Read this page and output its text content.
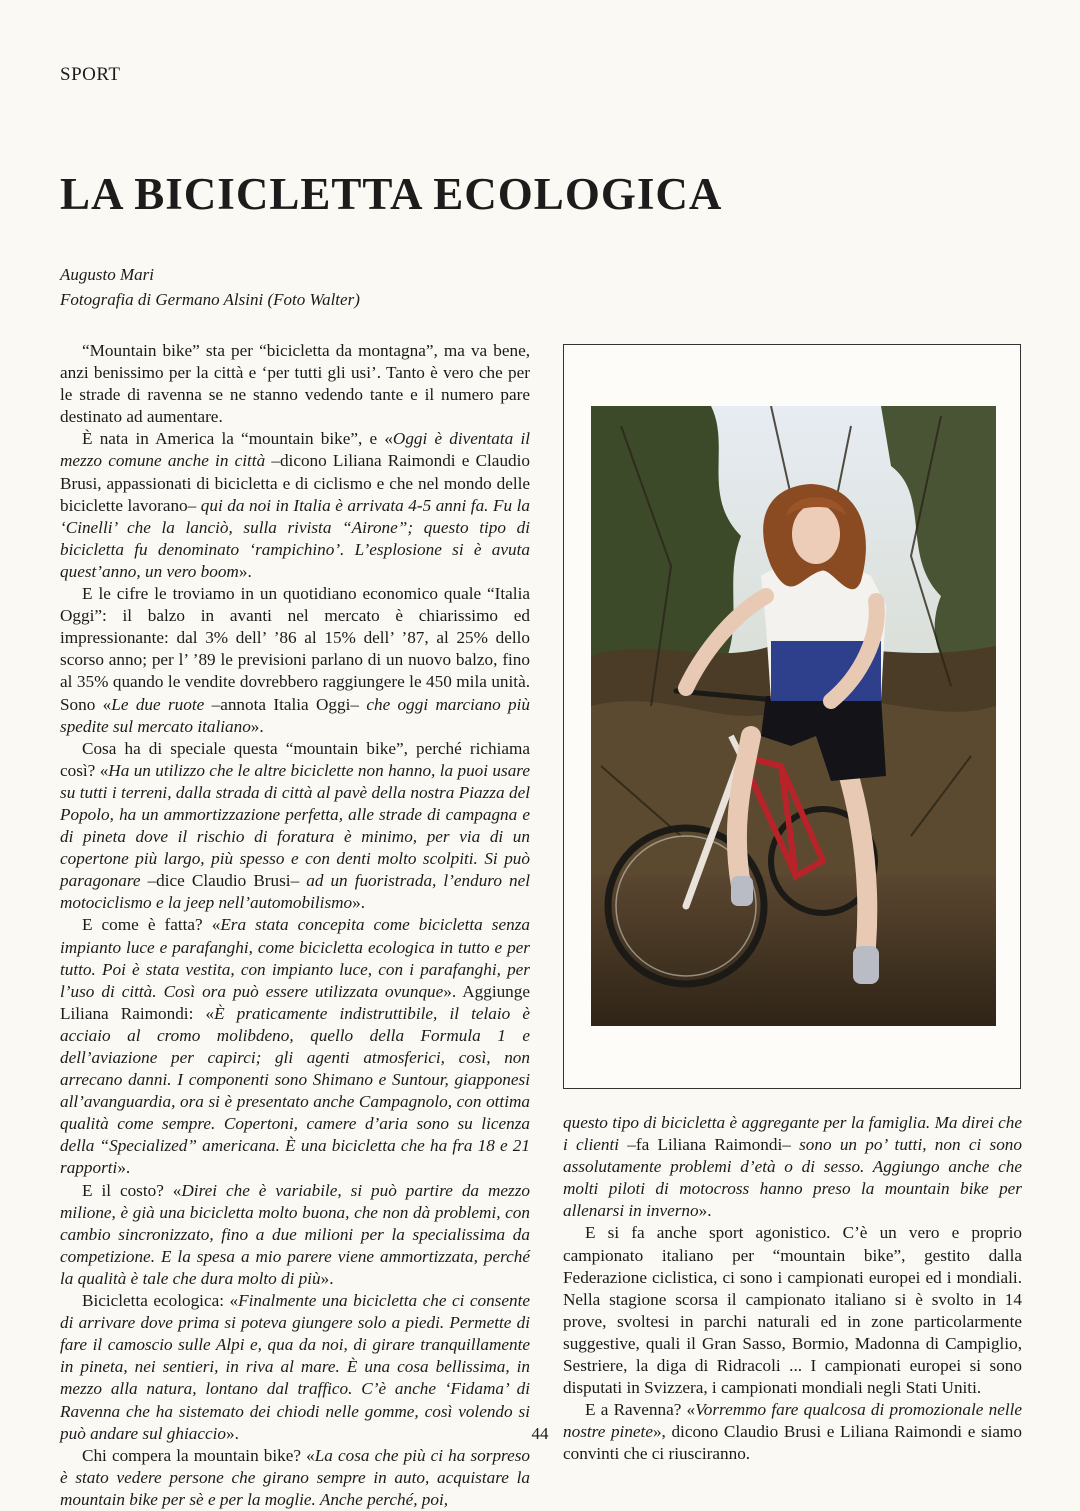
SPORT
LA BICICLETTA ECOLOGICA
Augusto Mari
Fotografia di Germano Alsini (Foto Walter)

“Mountain bike” sta per “bicicletta da montagna”, ma va bene, anzi benissimo per la città e ‘per tutti gli usi’. Tanto è vero che per le strade di ravenna se ne stanno vedendo tante e il numero pare destinato ad aumentare.

È nata in America la “mountain bike”, e «Oggi è diventata il mezzo comune anche in città –dicono Liliana Raimondi e Claudio Brusi, appassionati di bicicletta e di ciclismo e che nel mondo delle biciclette lavorano– qui da noi in Italia è arrivata 4-5 anni fa. Fu la ‘Cinelli’ che la lanciò, sulla rivista “Airone”; questo tipo di bicicletta fu denominato ‘rampichino’. L’esplosione si è avuta quest’anno, un vero boom».

E le cifre le troviamo in un quotidiano economico quale “Italia Oggi”: il balzo in avanti nel mercato è chiarissimo ed impressionante: dal 3% dell’ ’86 al 15% dell’ ’87, al 25% dello scorso anno; per l’ ’89 le previsioni parlano di un nuovo balzo, fino al 35% quando le vendite dovrebbero raggiungere le 450 mila unità. Sono «Le due ruote –annota Italia Oggi– che oggi marciano più spedite sul mercato italiano».

Cosa ha di speciale questa “mountain bike”, perché richiama così? «Ha un utilizzo che le altre biciclette non hanno, la puoi usare su tutti i terreni, dalla strada di città al pavè della nostra Piazza del Popolo, ha un ammortizzazione perfetta, alle strade di campagna e di pineta dove il rischio di foratura è minimo, per via di un copertone più largo, più spesso e con denti molto scolpiti. Si può paragonare –dice Claudio Brusi– ad un fuoristrada, l’enduro nel motociclismo e la jeep nell’automobilismo».

E come è fatta? «Era stata concepita come bicicletta senza impianto luce e parafanghi, come bicicletta ecologica in tutto e per tutto. Poi è stata vestita, con impianto luce, con i parafanghi, per l’uso di città. Così ora può essere utilizzata ovunque». Aggiunge Liliana Raimondi: «È praticamente indistruttibile, il telaio è acciaio al cromo molibdeno, quello della Formula 1 e dell’aviazione per capirci; gli agenti atmosferici, così, non arrecano danni. I componenti sono Shimano e Suntour, giapponesi all’avanguardia, ora si è presentato anche Campagnolo, con ottima qualità come sempre. Copertoni, camere d’aria sono su licenza della “Specialized” americana. È una bicicletta che ha fra 18 e 21 rapporti».

E il costo? «Direi che è variabile, si può partire da mezzo milione, è già una bicicletta molto buona, che non dà problemi, con cambio sincronizzato, fino a due milioni per la specialissima da competizione. E la spesa a mio parere viene ammortizzata, perché la qualità è tale che dura molto di più».

Bicicletta ecologica: «Finalmente una bicicletta che ci consente di arrivare dove prima si poteva giungere solo a piedi. Permette di fare il camoscio sulle Alpi e, qua da noi, di girare tranquillamente in pineta, nei sentieri, in riva al mare. È una cosa bellissima, in mezzo alla natura, lontano dal traffico. C’è anche ‘Fidama’ di Ravenna che ha sistemato dei chiodi nelle gomme, così volendo si può andare sul ghiaccio».

Chi compera la mountain bike? «La cosa che più ci ha sorpreso è stato vedere persone che girano sempre in auto, acquistare la mountain bike per sè e per la moglie. Anche perché, poi,

questo tipo di bicicletta è aggregante per la famiglia. Ma direi che i clienti –fa Liliana Raimondi– sono un po’ tutti, non ci sono assolutamente problemi d’età o di sesso. Aggiungo anche che molti piloti di motocross hanno preso la mountain bike per allenarsi in inverno».

E si fa anche sport agonistico. C’è un vero e proprio campionato italiano per “mountain bike”, gestito dalla Federazione ciclistica, ci sono i campionati europei ed i mondiali. Nella stagione scorsa il campionato italiano si è svolto in 14 prove, svoltesi in parchi naturali ed in zone particolarmente suggestive, quali il Gran Sasso, Bormio, Madonna di Campiglio, Sestriere, la diga di Ridracoli ... I campionati europei si sono disputati in Svizzera, i campionati mondiali negli Stati Uniti.

E a Ravenna? «Vorremmo fare qualcosa di promozionale nelle nostre pinete», dicono Claudio Brusi e Liliana Raimondi e siamo convinti che ci riusciranno.

44
